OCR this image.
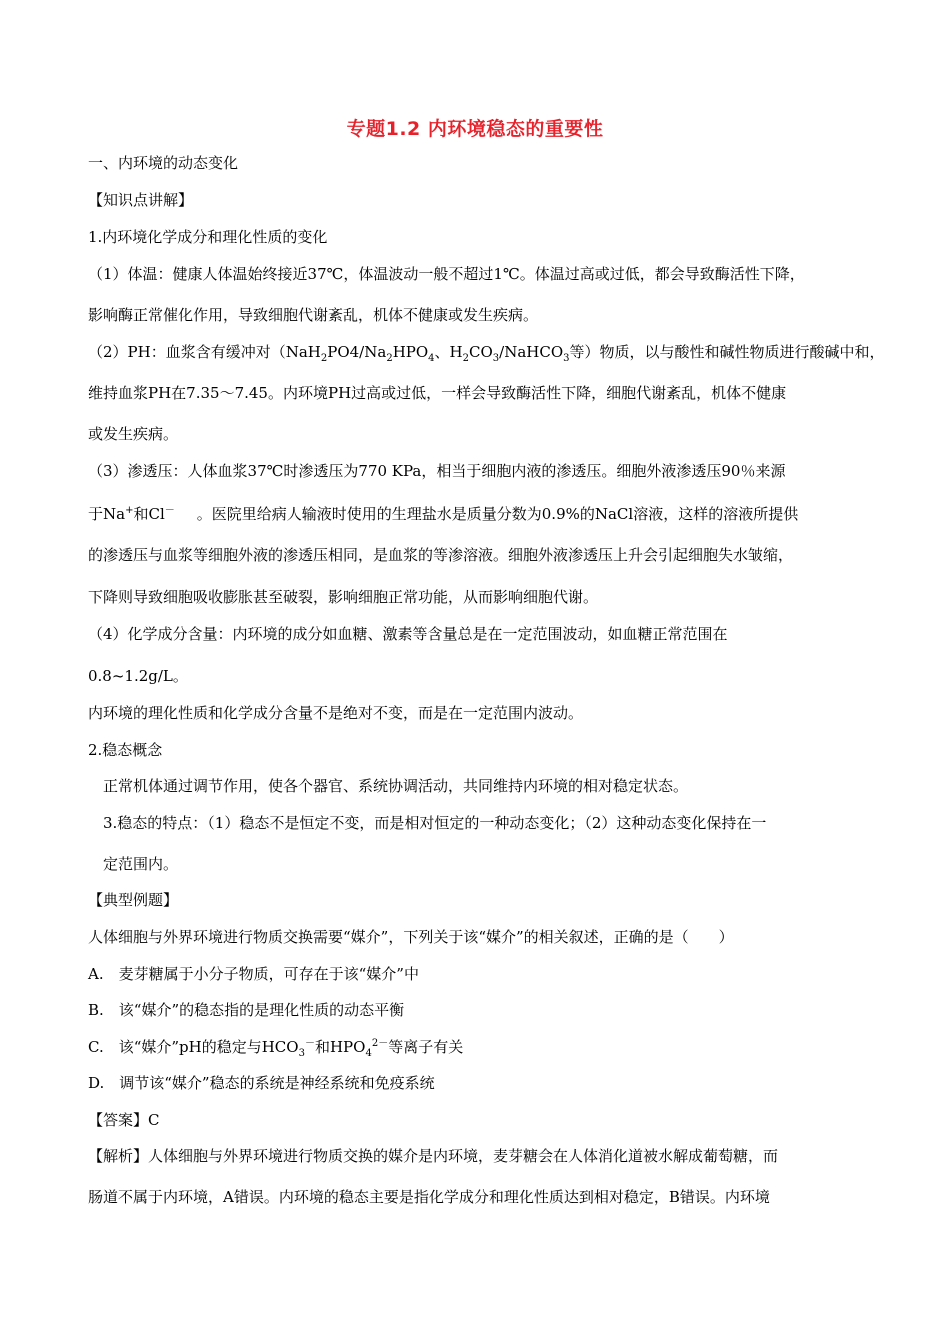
专题1.2 内环境稳态的重要性
一、内环境的动态变化
【知识点讲解】
1.内环境化学成分和理化性质的变化
（1）体温：健康人体温始终接近37℃，体温波动一般不超过1℃。体温过高或过低，都会导致酶活性下降，
影响酶正常催化作用，导致细胞代谢紊乱，机体不健康或发生疾病。
（2）PH：血浆含有缓冲对（$NaH_2PO4/Na_2HPO_4$、$H_2CO_3/NaHCO_3$等）物质，以与酸性和碱性物质进行酸碱中和，
维持血浆PH在7.35～7.45。内环境PH过高或过低，一样会导致酶活性下降，细胞代谢紊乱，机体不健康
或发生疾病。
（3）渗透压：人体血浆37℃时渗透压为770 KPa，相当于细胞内液的渗透压。细胞外液渗透压90％来源
于Na+和Cl－ 。医院里给病人输液时使用的生理盐水是质量分数为0.9%的NaCl溶液，这样的溶液所提供
的渗透压与血浆等细胞外液的渗透压相同，是血浆的等渗溶液。细胞外液渗透压上升会引起细胞失水皱缩，
下降则导致细胞吸收膨胀甚至破裂，影响细胞正常功能，从而影响细胞代谢。
（4）化学成分含量：内环境的成分如血糖、激素等含量总是在一定范围波动，如血糖正常范围在
0.8~1.2g/L。
内环境的理化性质和化学成分含量不是绝对不变，而是在一定范围内波动。
2.稳态概念
正常机体通过调节作用，使各个器官、系统协调活动，共同维持内环境的相对稳定状态。
3.稳态的特点：（1）稳态不是恒定不变，而是相对恒定的一种动态变化；（2）这种动态变化保持在一
定范围内。
【典型例题】
人体细胞与外界环境进行物质交换需要“媒介”，下列关于该“媒介”的相关叙述，正确的是（　　）
A.　麦芽糖属于小分子物质，可存在于该“媒介”中
B.　该“媒介”的稳态指的是理化性质的动态平衡
C.　该“媒介”pH的稳定与$HCO_3^-$和$HPO_4^{2-}$等离子有关
D.　调节该“媒介”稳态的系统是神经系统和免疫系统
【答案】C
【解析】人体细胞与外界环境进行物质交换的媒介是内环境，麦芽糖会在人体消化道被水解成葡萄糖，而
肠道不属于内环境，A错误。内环境的稳态主要是指化学成分和理化性质达到相对稳定，B错误。内环境
